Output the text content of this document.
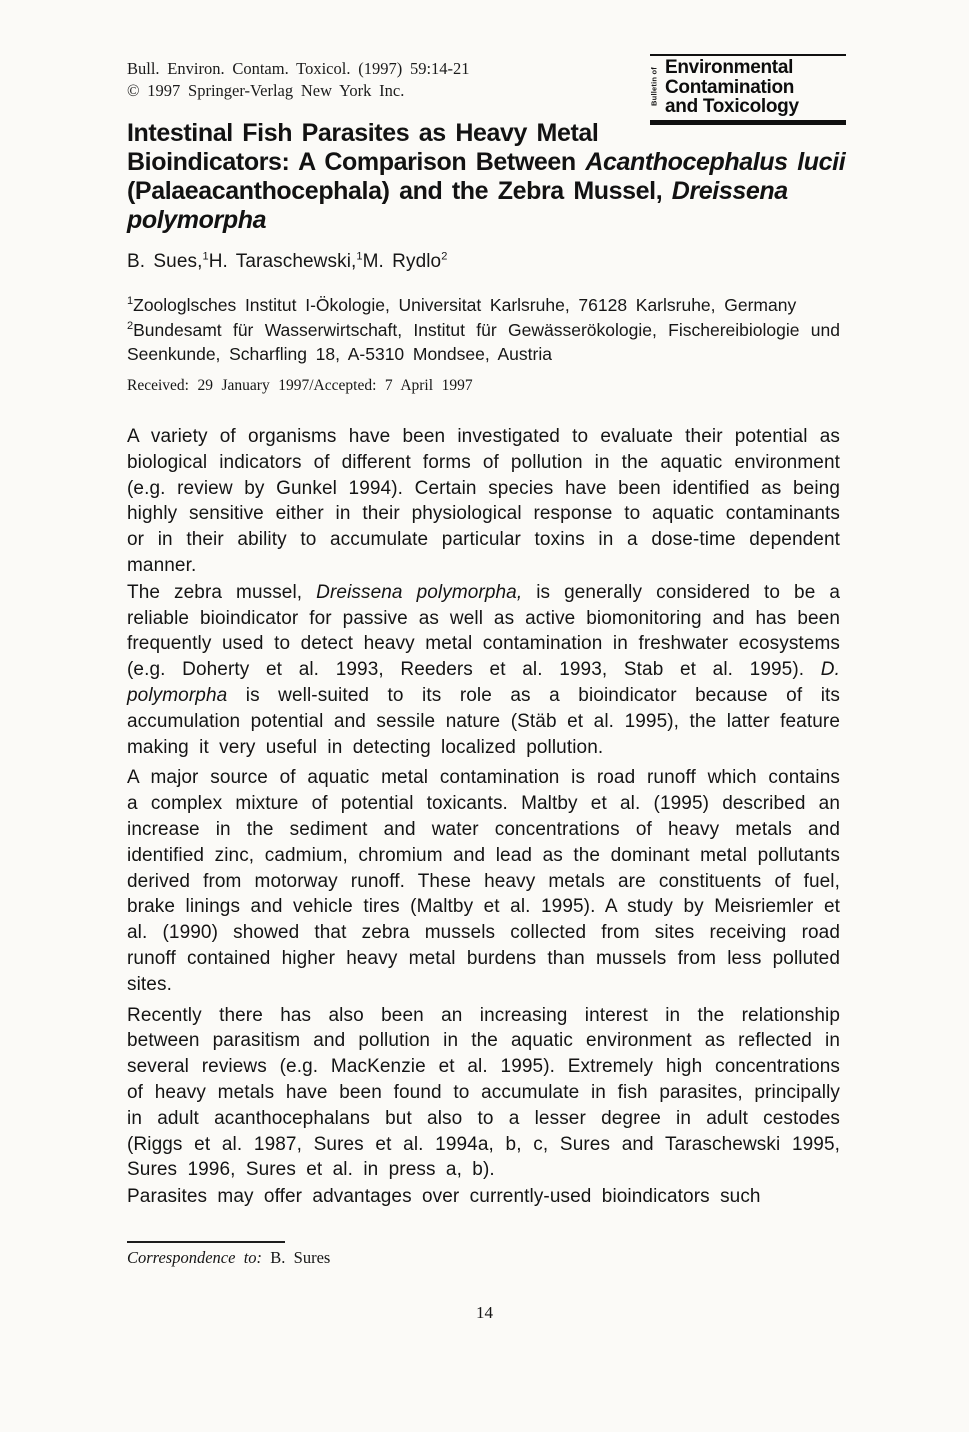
Bull. Environ. Contam. Toxicol. (1997) 59:14-21
© 1997 Springer-Verlag New York Inc.	Bulletin of Environmental
Contamination
and Toxicology
Intestinal Fish Parasites as Heavy Metal
Bioindicators: A Comparison Between Acanthocephalus lucii
(Palaeacanthocephala) and the Zebra Mussel, Dreissena
polymorpha
B. Sues,$^1$H. Taraschewski,$^1$M. Rydlo$^2$
$^1$Zoologlsches Institut I-Ökologie, Universitat Karlsruhe, 76128 Karlsruhe, Germany
$^2$Bundesamt für Wasserwirtschaft, Institut für Gewässerökologie, Fischereibiologie und Seenkunde, Scharfling 18, A-5310 Mondsee, Austria
Received: 29 January 1997/Accepted: 7 April 1997

A variety of organisms have been investigated to evaluate their potential as biological indicators of different forms of pollution in the aquatic environment (e.g. review by Gunkel 1994). Certain species have been identified as being highly sensitive either in their physiological response to aquatic contaminants or in their ability to accumulate particular toxins in a dose-time dependent manner.

The zebra mussel, Dreissena polymorpha, is generally considered to be a reliable bioindicator for passive as well as active biomonitoring and has been frequently used to detect heavy metal contamination in freshwater ecosystems (e.g. Doherty et al. 1993, Reeders et al. 1993, Stab et al. 1995). D. polymorpha is well-suited to its role as a bioindicator because of its accumulation potential and sessile nature (Stäb et al. 1995), the latter feature making it very useful in detecting localized pollution.

A major source of aquatic metal contamination is road runoff which contains a complex mixture of potential toxicants. Maltby et al. (1995) described an increase in the sediment and water concentrations of heavy metals and identified zinc, cadmium, chromium and lead as the dominant metal pollutants derived from motorway runoff. These heavy metals are constituents of fuel, brake linings and vehicle tires (Maltby et al. 1995). A study by Meisriemler et al. (1990) showed that zebra mussels collected from sites receiving road runoff contained higher heavy metal burdens than mussels from less polluted sites.

Recently there has also been an increasing interest in the relationship between parasitism and pollution in the aquatic environment as reflected in several reviews (e.g. MacKenzie et al. 1995). Extremely high concentrations of heavy metals have been found to accumulate in fish parasites, principally in adult acanthocephalans but also to a lesser degree in adult cestodes (Riggs et al. 1987, Sures et al. 1994a, b, c, Sures and Taraschewski 1995, Sures 1996, Sures et al. in press a, b).

Parasites may offer advantages over currently-used bioindicators such

Correspondence to: B. Sures
14
